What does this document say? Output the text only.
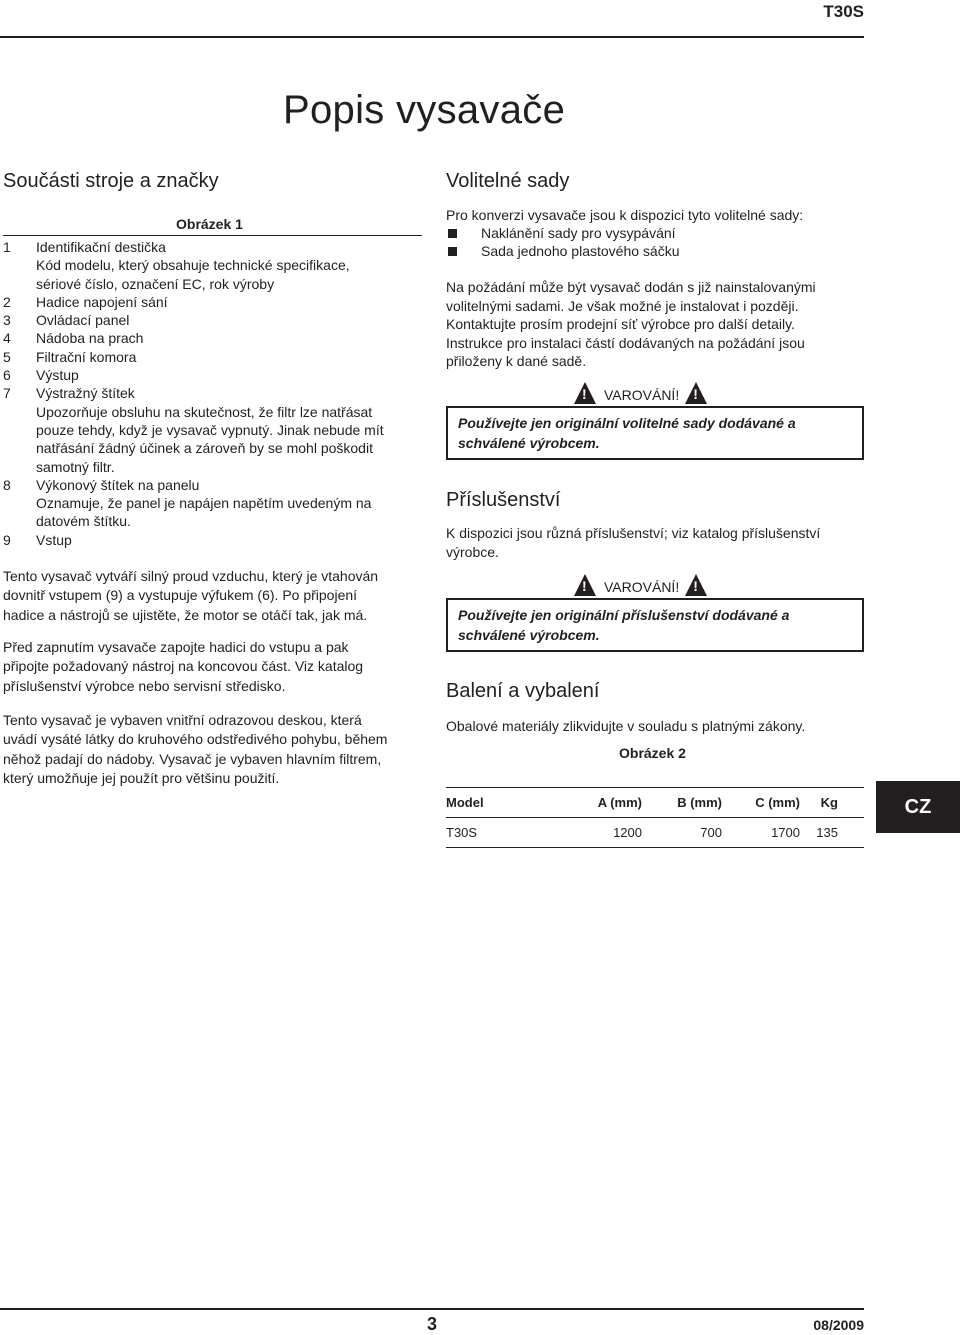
T30S
Popis vysavače
Součásti stroje a značky
Obrázek 1
1	Identifikační destička
Kód modelu, který obsahuje technické specifikace,
sériové číslo, označení EC, rok výroby
2	Hadice napojení sání
3	Ovládací panel
4	Nádoba na prach
5	Filtrační komora
6	Výstup
7	Výstražný štítek
Upozorňuje obsluhu na skutečnost, že filtr lze natřásat
pouze tehdy, když je vysavač vypnutý. Jinak nebude mít
natřásání žádný účinek a zároveň by se mohl poškodit
samotný filtr.
8	Výkonový štítek na panelu
Oznamuje, že panel je napájen napětím uvedeným na
datovém štítku.
9	Vstup
Tento vysavač vytváří silný proud vzduchu, který je vtahován
dovnitř vstupem (9) a vystupuje výfukem (6). Po připojení
hadice a nástrojů se ujistěte, že motor se otáčí tak, jak má.
Před zapnutím vysavače zapojte hadici do vstupu a pak
připojte požadovaný nástroj na koncovou část. Viz katalog
příslušenství výrobce nebo servisní středisko.
Tento vysavač je vybaven vnitřní odrazovou deskou, která
uvádí vysáté látky do kruhového odstředivého pohybu, během
něhož padají do nádoby. Vysavač je vybaven hlavním filtrem,
který umožňuje jej použít pro většinu použití.
Volitelné sady
Pro konverzi vysavače jsou k dispozici tyto volitelné sady:
Naklánění sady pro vysypávání
Sada jednoho plastového sáčku
Na požádání může být vysavač dodán s již nainstalovanými
volitelnými sadami. Je však možné je instalovat i později.
Kontaktujte prosím prodejní síť výrobce pro další detaily.
Instrukce pro instalaci částí dodávaných na požádání jsou
přiloženy k dané sadě.
! VAROVÁNÍ! !
Používejte jen originální volitelné sady dodávané a
schválené výrobcem.
Příslušenství
K dispozici jsou různá příslušenství; viz katalog příslušenství
výrobce.
! VAROVÁNÍ! !
Používejte jen originální příslušenství dodávané a
schválené výrobcem.
Balení a vybalení
Obalové materiály zlikvidujte v souladu s platnými zákony.
Obrázek 2
Model	A (mm)	B (mm)	C (mm)	Kg
T30S	1200	700	1700	135
CZ
3	08/2009
